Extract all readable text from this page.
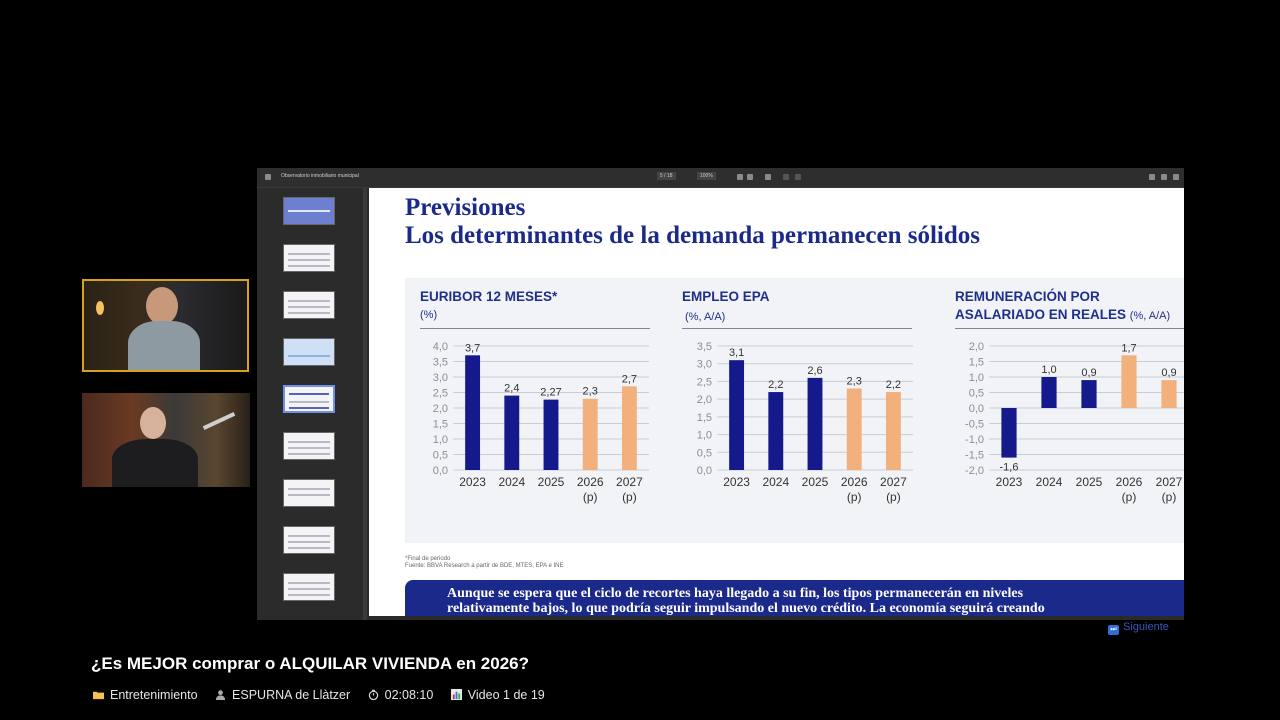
Observatorio inmobiliario municipal	5 / 18	100%
Previsiones
Los determinantes de la demanda permanecen sólidos
EURIBOR 12 MESES*
(%)
0,0
0,5
1,0
1,5
2,0
2,5
3,0
3,5
4,0 3,7
2023
2,4
2024
2,27
2025
2,3
2026
(p)
2,7
2027
(p)
EMPLEO EPA
(%, A/A)
0,0
0,5
1,0
1,5
2,0
2,5
3,0
3,5
3,1
2023
2,2
2024
2,6
2025
2,3
2026
(p)
2,2
2027
(p)
REMUNERACIÓN POR
ASALARIADO EN REALES (%, A/A)
-2,0
-1,5
-1,0
-0,5
0,0
0,5
1,0
1,5
2,0
-1,6
2023
1,0
2024
0,9
2025
1,7
2026
(p)
0,9
2027
(p)
*Final de periodo
Fuente: BBVA Research a partir de BDE, MTES, EPA e INE
Aunque se espera que el ciclo de recortes haya llegado a su fin, los tipos permanecerán en niveles
relativamente bajos, lo que podría seguir impulsando el nuevo crédito. La economía seguirá creando
⏭ Siguiente
¿Es MEJOR comprar o ALQUILAR VIVIENDA en 2026?
Entretenimiento	ESPURNA de Llàtzer	02:08:10	Video 1 de 19
